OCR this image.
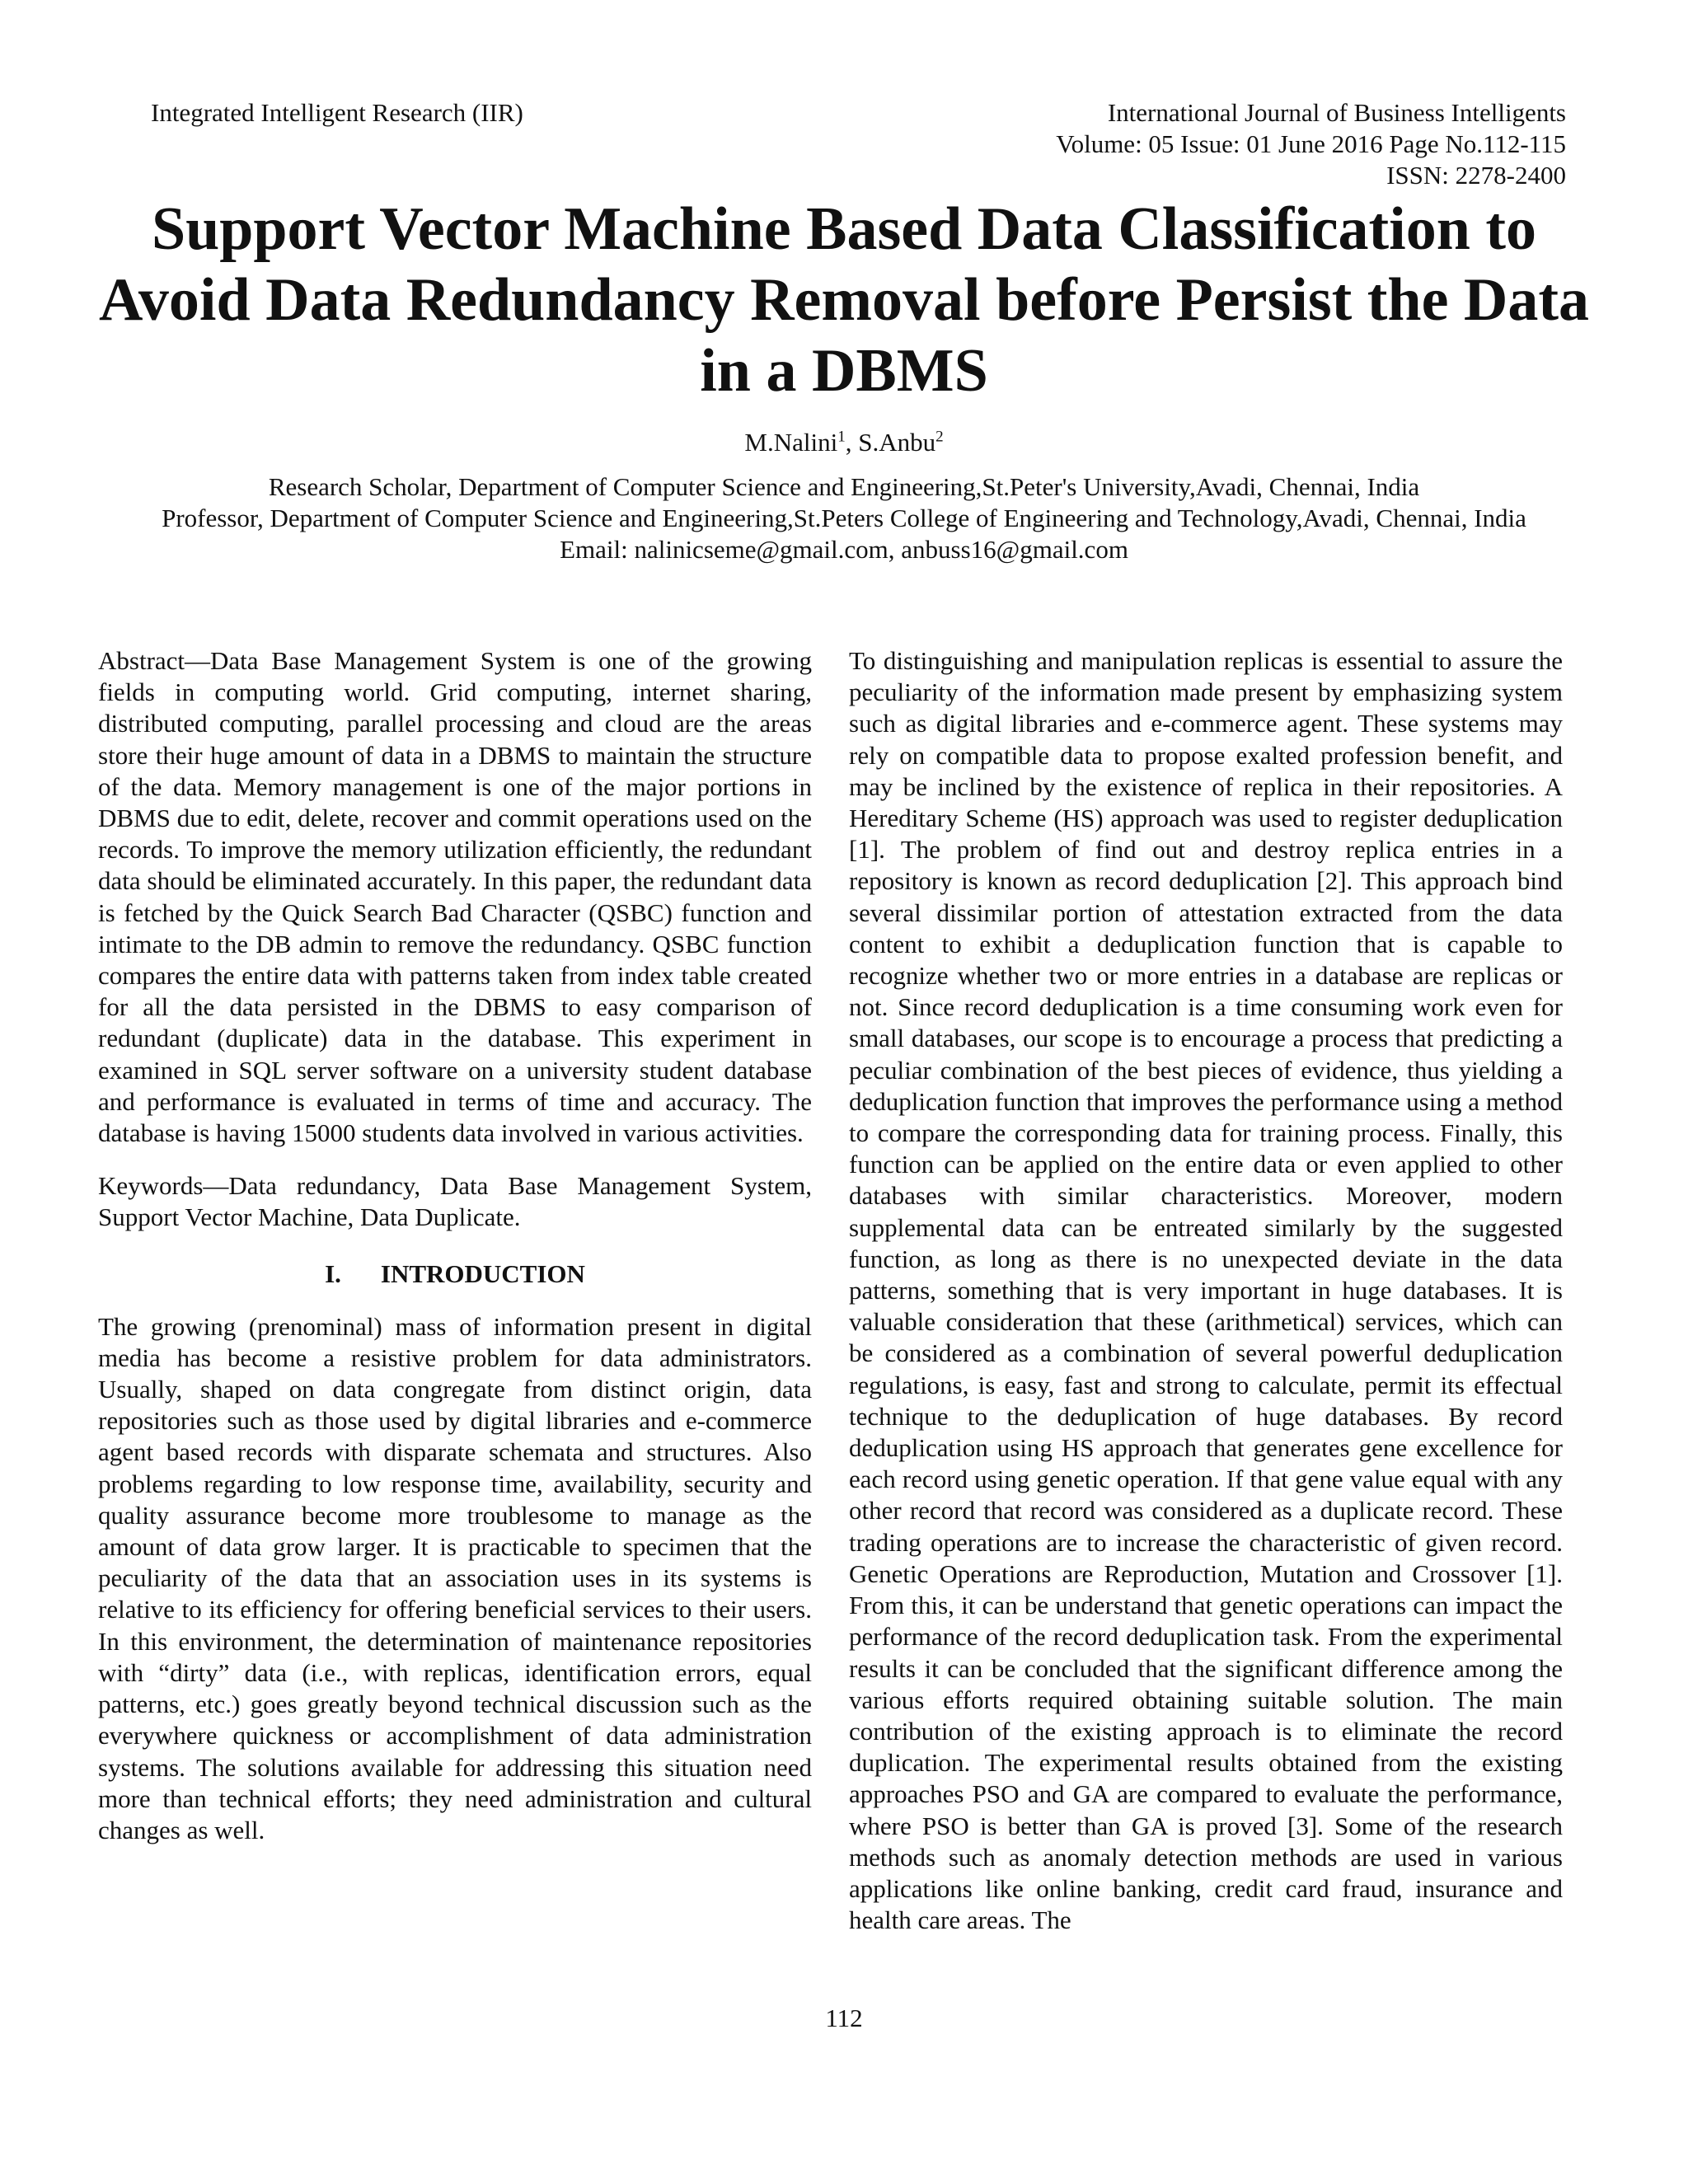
Integrated Intelligent Research (IIR)	International Journal of Business Intelligents
Volume: 05 Issue: 01 June 2016 Page No.112-115
ISSN: 2278-2400
Support Vector Machine Based Data Classification to
Avoid Data Redundancy Removal before Persist the Data
in a DBMS
M.Nalini$^1$, S.Anbu$^2$
Research Scholar, Department of Computer Science and Engineering,St.Peter's University,Avadi, Chennai, India
Professor, Department of Computer Science and Engineering,St.Peters College of Engineering and Technology,Avadi, Chennai, India
Email: nalinicseme@gmail.com, anbuss16@gmail.com

Abstract—Data Base Management System is one of the growing fields in computing world. Grid computing, internet sharing, distributed computing, parallel processing and cloud are the areas store their huge amount of data in a DBMS to maintain the structure of the data. Memory management is one of the major portions in DBMS due to edit, delete, recover and commit operations used on the records. To improve the memory utilization efficiently, the redundant data should be eliminated accurately. In this paper, the redundant data is fetched by the Quick Search Bad Character (QSBC) function and intimate to the DB admin to remove the redundancy. QSBC function compares the entire data with patterns taken from index table created for all the data persisted in the DBMS to easy comparison of redundant (duplicate) data in the database. This experiment in examined in SQL server software on a university student database and performance is evaluated in terms of time and accuracy. The database is having 15000 students data involved in various activities.

Keywords—Data redundancy, Data Base Management System, Support Vector Machine, Data Duplicate.

I. INTRODUCTION

The growing (prenominal) mass of information present in digital media has become a resistive problem for data administrators. Usually, shaped on data congregate from distinct origin, data repositories such as those used by digital libraries and e-commerce agent based records with disparate schemata and structures. Also problems regarding to low response time, availability, security and quality assurance become more troublesome to manage as the amount of data grow larger. It is practicable to specimen that the peculiarity of the data that an association uses in its systems is relative to its efficiency for offering beneficial services to their users. In this environment, the determination of maintenance repositories with “dirty” data (i.e., with replicas, identification errors, equal patterns, etc.) goes greatly beyond technical discussion such as the everywhere quickness or accomplishment of data administration systems. The solutions available for addressing this situation need more than technical efforts; they need administration and cultural changes as well.

To distinguishing and manipulation replicas is essential to assure the peculiarity of the information made present by emphasizing system such as digital libraries and e-commerce agent. These systems may rely on compatible data to propose exalted profession benefit, and may be inclined by the existence of replica in their repositories. A Hereditary Scheme (HS) approach was used to register deduplication [1]. The problem of find out and destroy replica entries in a repository is known as record deduplication [2]. This approach bind several dissimilar portion of attestation extracted from the data content to exhibit a deduplication function that is capable to recognize whether two or more entries in a database are replicas or not. Since record deduplication is a time consuming work even for small databases, our scope is to encourage a process that predicting a peculiar combination of the best pieces of evidence, thus yielding a deduplication function that improves the performance using a method to compare the corresponding data for training process. Finally, this function can be applied on the entire data or even applied to other databases with similar characteristics. Moreover, modern supplemental data can be entreated similarly by the suggested function, as long as there is no unexpected deviate in the data patterns, something that is very important in huge databases. It is valuable consideration that these (arithmetical) services, which can be considered as a combination of several powerful deduplication regulations, is easy, fast and strong to calculate, permit its effectual technique to the deduplication of huge databases. By record deduplication using HS approach that generates gene excellence for each record using genetic operation. If that gene value equal with any other record that record was considered as a duplicate record. These trading operations are to increase the characteristic of given record. Genetic Operations are Reproduction, Mutation and Crossover [1]. From this, it can be understand that genetic operations can impact the performance of the record deduplication task. From the experimental results it can be concluded that the significant difference among the various efforts required obtaining suitable solution. The main contribution of the existing approach is to eliminate the record duplication. The experimental results obtained from the existing approaches PSO and GA are compared to evaluate the performance, where PSO is better than GA is proved [3]. Some of the research methods such as anomaly detection methods are used in various applications like online banking, credit card fraud, insurance and health care areas. The

112
